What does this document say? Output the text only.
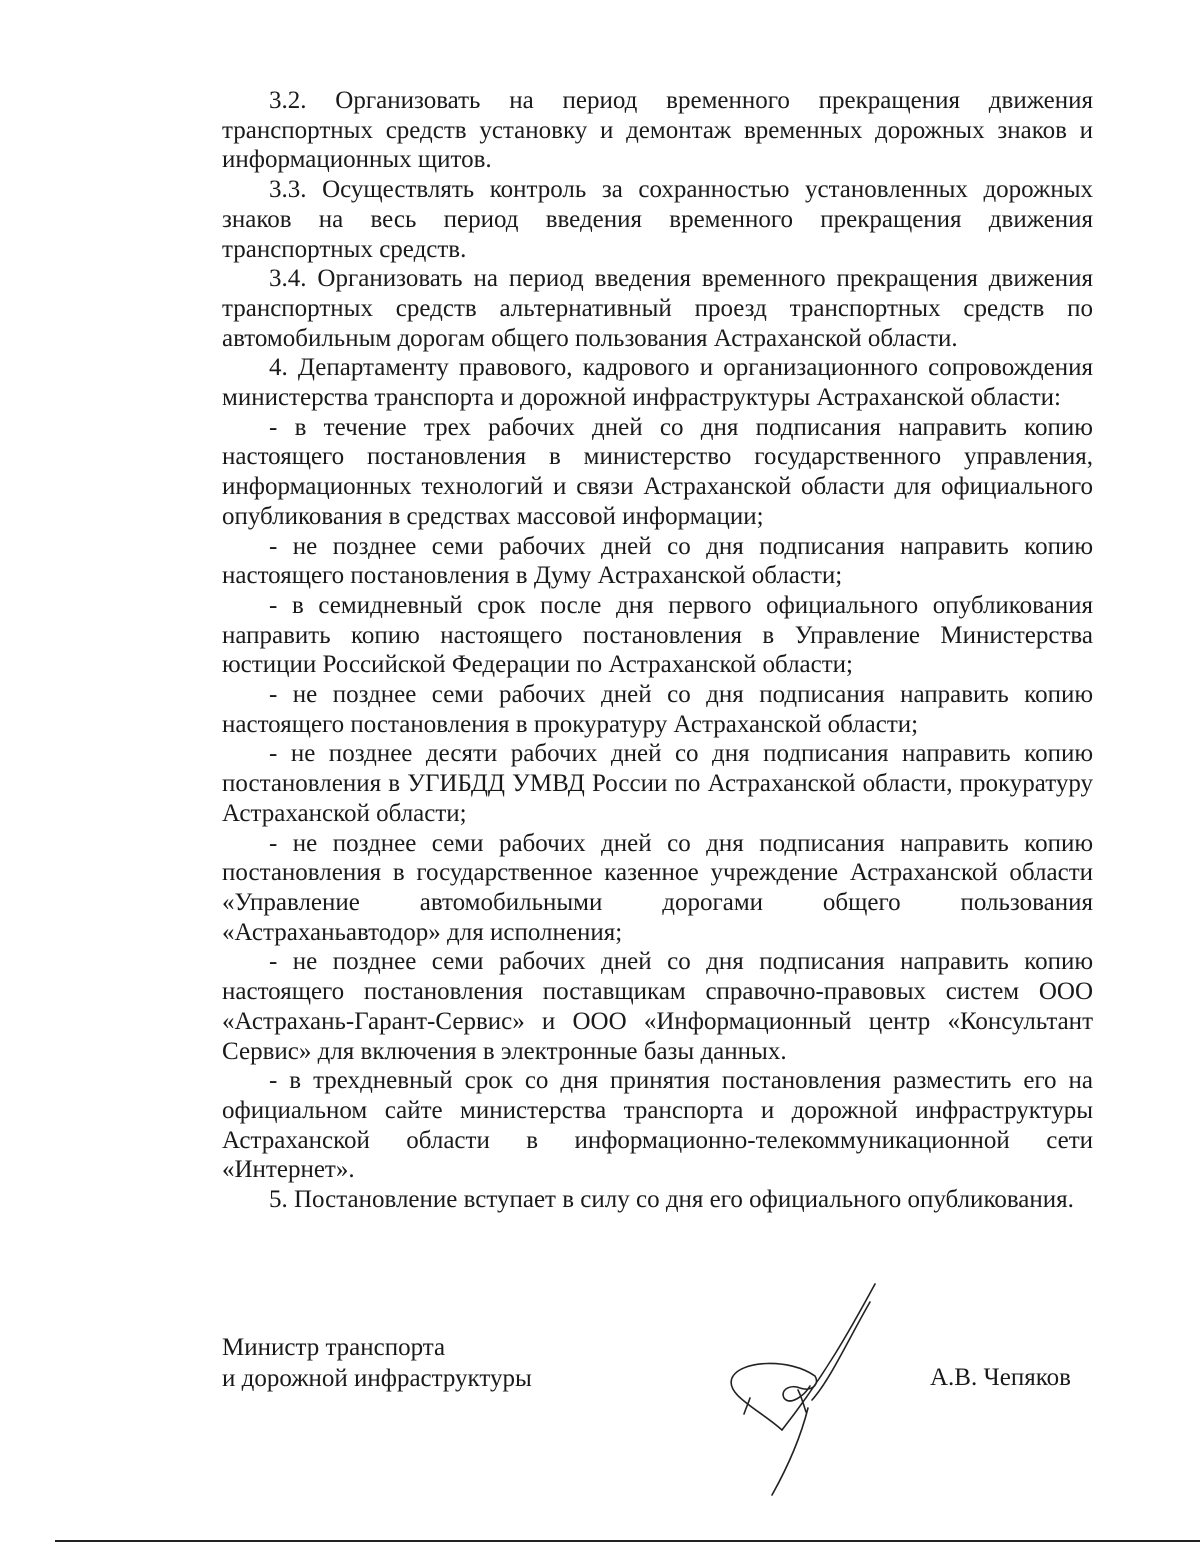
3.2. Организовать на период временного прекращения движения транспортных средств установку и демонтаж временных дорожных знаков и информационных щитов.

3.3. Осуществлять контроль за сохранностью установленных дорожных знаков на весь период введения временного прекращения движения транспортных средств.

3.4. Организовать на период введения временного прекращения движения транспортных средств альтернативный проезд транспортных средств по автомобильным дорогам общего пользования Астраханской области.

4. Департаменту правового, кадрового и организационного сопровождения министерства транспорта и дорожной инфраструктуры Астраханской области:

- в течение трех рабочих дней со дня подписания направить копию настоящего постановления в министерство государственного управления, информационных технологий и связи Астраханской области для официального опубликования в средствах массовой информации;

- не позднее семи рабочих дней со дня подписания направить копию настоящего постановления в Думу Астраханской области;

- в семидневный срок после дня первого официального опубликования направить копию настоящего постановления в Управление Министерства юстиции Российской Федерации по Астраханской области;

- не позднее семи рабочих дней со дня подписания направить копию настоящего постановления в прокуратуру Астраханской области;

- не позднее десяти рабочих дней со дня подписания направить копию постановления в УГИБДД УМВД России по Астраханской области, прокуратуру Астраханской области;

- не позднее семи рабочих дней со дня подписания направить копию постановления в государственное казенное учреждение Астраханской области «Управление автомобильными дорогами общего пользования «Астраханьавтодор» для исполнения;

- не позднее семи рабочих дней со дня подписания направить копию настоящего постановления поставщикам справочно-правовых систем ООО «Астрахань-Гарант-Сервис» и ООО «Информационный центр «Консультант Сервис» для включения в электронные базы данных.

- в трехдневный срок со дня принятия постановления разместить его на официальном сайте министерства транспорта и дорожной инфраструктуры Астраханской области в информационно-телекоммуникационной сети «Интернет».

5. Постановление вступает в силу со дня его официального опубликования.

Министр транспорта
и дорожной инфраструктуры	А.В. Чепяков
